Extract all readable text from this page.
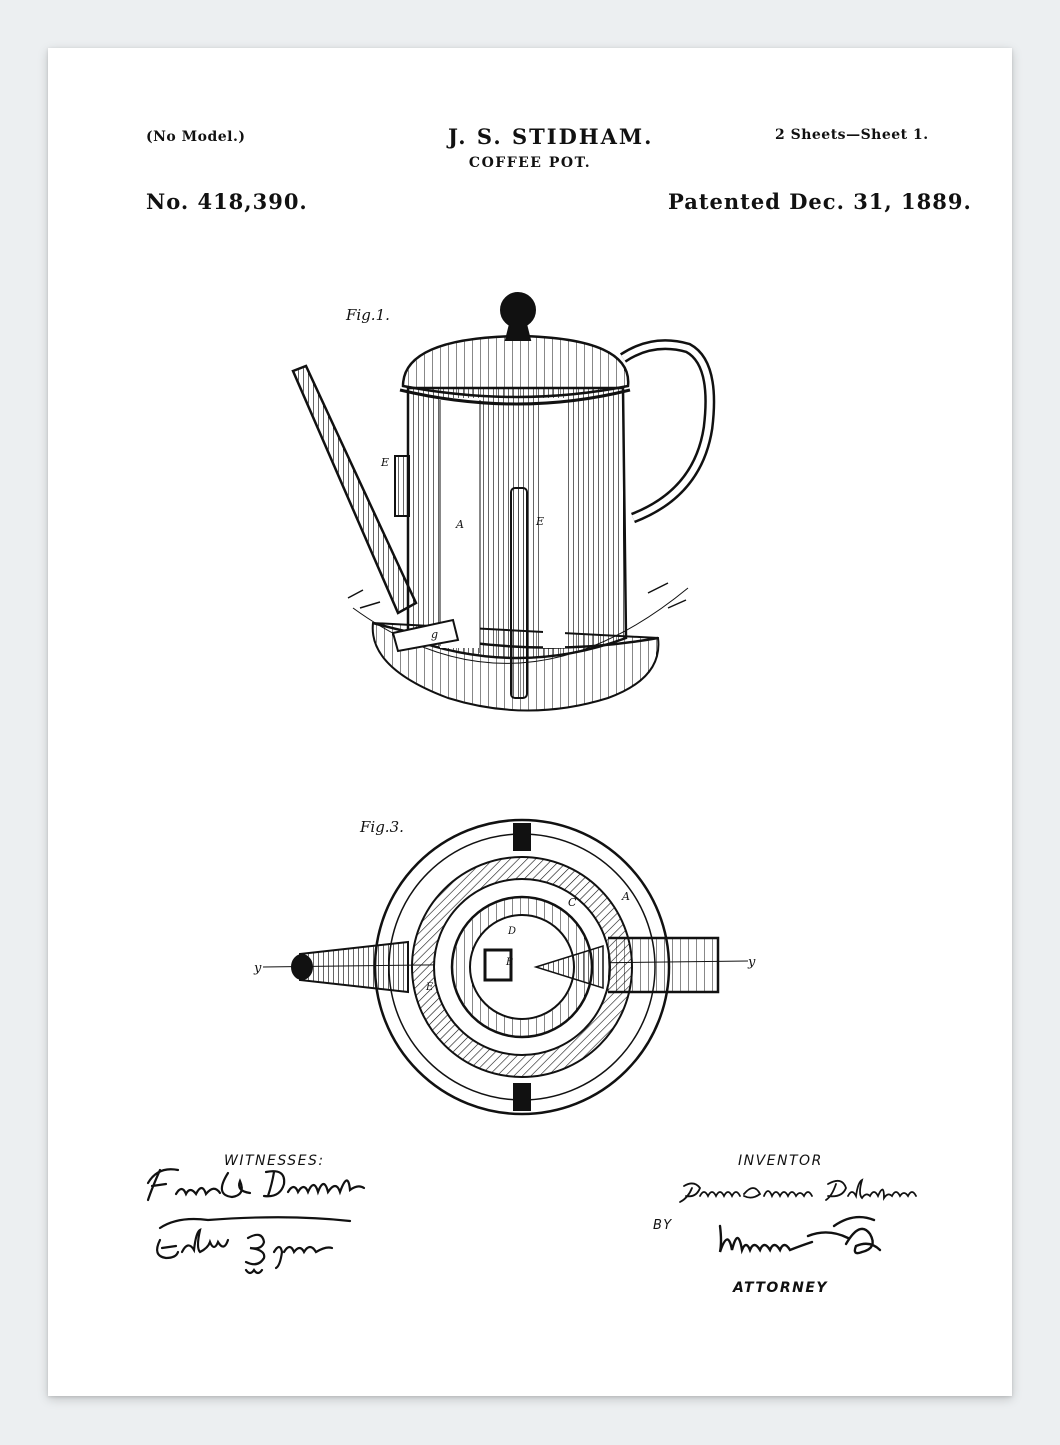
(No Model.)	J. S. STIDHAM.
COFFEE POT.
2 Sheets—Sheet 1.
No. 418,390.	Patented Dec. 31, 1889.
Fig.1.
Fig.3.
E
A	E
g
A
C
D
B
E
y	y
WITNESSES:	INVENTOR
BY
ATTORNEY
